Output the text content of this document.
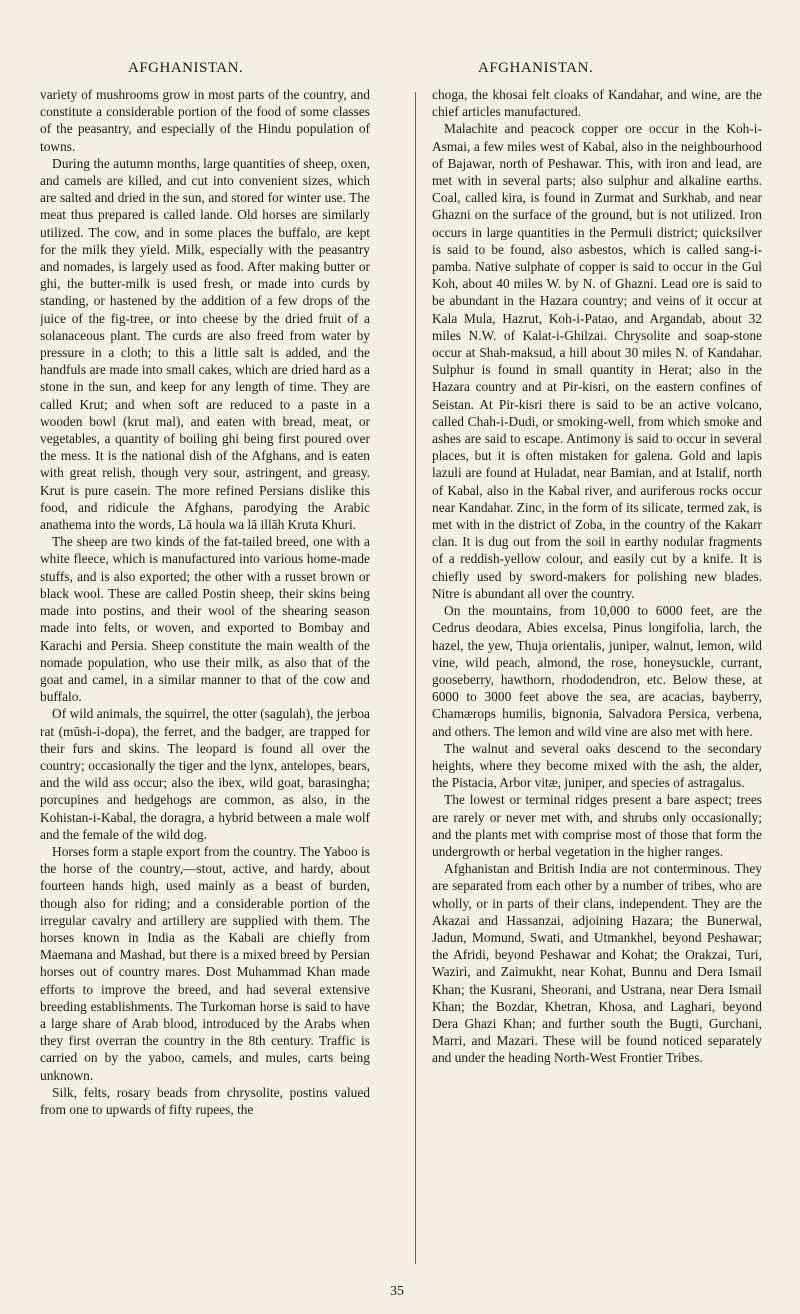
AFGHANISTAN.	AFGHANISTAN.

variety of mushrooms grow in most parts of the country, and constitute a considerable portion of the food of some classes of the peasantry, and especially of the Hindu population of towns.

During the autumn months, large quantities of sheep, oxen, and camels are killed, and cut into convenient sizes, which are salted and dried in the sun, and stored for winter use. The meat thus prepared is called lande. Old horses are similarly utilized. The cow, and in some places the buffalo, are kept for the milk they yield. Milk, especially with the peasantry and nomades, is largely used as food. After making butter or ghi, the butter-milk is used fresh, or made into curds by standing, or hastened by the addition of a few drops of the juice of the fig-tree, or into cheese by the dried fruit of a solanaceous plant. The curds are also freed from water by pressure in a cloth; to this a little salt is added, and the handfuls are made into small cakes, which are dried hard as a stone in the sun, and keep for any length of time. They are called Krut; and when soft are reduced to a paste in a wooden bowl (krut mal), and eaten with bread, meat, or vegetables, a quantity of boiling ghi being first poured over the mess. It is the national dish of the Afghans, and is eaten with great relish, though very sour, astringent, and greasy. Krut is pure casein. The more refined Persians dislike this food, and ridicule the Afghans, parodying the Arabic anathema into the words, Lā houla wa lā illāh Kruta Khuri.

The sheep are two kinds of the fat-tailed breed, one with a white fleece, which is manufactured into various home-made stuffs, and is also exported; the other with a russet brown or black wool. These are called Postin sheep, their skins being made into postins, and their wool of the shearing season made into felts, or woven, and exported to Bombay and Karachi and Persia. Sheep constitute the main wealth of the nomade population, who use their milk, as also that of the goat and camel, in a similar manner to that of the cow and buffalo.

Of wild animals, the squirrel, the otter (sagulah), the jerboa rat (mūsh-i-dopa), the ferret, and the badger, are trapped for their furs and skins. The leopard is found all over the country; occasionally the tiger and the lynx, antelopes, bears, and the wild ass occur; also the ibex, wild goat, barasingha; porcupines and hedgehogs are common, as also, in the Kohistan-i-Kabal, the doragra, a hybrid between a male wolf and the female of the wild dog.

Horses form a staple export from the country. The Yaboo is the horse of the country,—stout, active, and hardy, about fourteen hands high, used mainly as a beast of burden, though also for riding; and a considerable portion of the irregular cavalry and artillery are supplied with them. The horses known in India as the Kabali are chiefly from Maemana and Mashad, but there is a mixed breed by Persian horses out of country mares. Dost Muhammad Khan made efforts to improve the breed, and had several extensive breeding establishments. The Turkoman horse is said to have a large share of Arab blood, introduced by the Arabs when they first overran the country in the 8th century. Traffic is carried on by the yaboo, camels, and mules, carts being unknown.

Silk, felts, rosary beads from chrysolite, postins valued from one to upwards of fifty rupees, the

choga, the khosai felt cloaks of Kandahar, and wine, are the chief articles manufactured.

Malachite and peacock copper ore occur in the Koh-i-Asmai, a few miles west of Kabal, also in the neighbourhood of Bajawar, north of Peshawar. This, with iron and lead, are met with in several parts; also sulphur and alkaline earths. Coal, called kira, is found in Zurmat and Surkhab, and near Ghazni on the surface of the ground, but is not utilized. Iron occurs in large quantities in the Permuli district; quicksilver is said to be found, also asbestos, which is called sang-i-pamba. Native sulphate of copper is said to occur in the Gul Koh, about 40 miles W. by N. of Ghazni. Lead ore is said to be abundant in the Hazara country; and veins of it occur at Kala Mula, Hazrut, Koh-i-Patao, and Argandab, about 32 miles N.W. of Kalat-i-Ghilzai. Chrysolite and soap-stone occur at Shah-maksud, a hill about 30 miles N. of Kandahar. Sulphur is found in small quantity in Herat; also in the Hazara country and at Pir-kisri, on the eastern confines of Seistan. At Pir-kisri there is said to be an active volcano, called Chah-i-Dudi, or smoking-well, from which smoke and ashes are said to escape. Antimony is said to occur in several places, but it is often mistaken for galena. Gold and lapis lazuli are found at Huladat, near Bamian, and at Istalif, north of Kabal, also in the Kabal river, and auriferous rocks occur near Kandahar. Zinc, in the form of its silicate, termed zak, is met with in the district of Zoba, in the country of the Kakarr clan. It is dug out from the soil in earthy nodular fragments of a reddish-yellow colour, and easily cut by a knife. It is chiefly used by sword-makers for polishing new blades. Nitre is abundant all over the country.

On the mountains, from 10,000 to 6000 feet, are the Cedrus deodara, Abies excelsa, Pinus longifolia, larch, the hazel, the yew, Thuja orientalis, juniper, walnut, lemon, wild vine, wild peach, almond, the rose, honeysuckle, currant, gooseberry, hawthorn, rhododendron, etc. Below these, at 6000 to 3000 feet above the sea, are acacias, bayberry, Chamærops humilis, bignonia, Salvadora Persica, verbena, and others. The lemon and wild vine are also met with here.

The walnut and several oaks descend to the secondary heights, where they become mixed with the ash, the alder, the Pistacia, Arbor vitæ, juniper, and species of astragalus.

The lowest or terminal ridges present a bare aspect; trees are rarely or never met with, and shrubs only occasionally; and the plants met with comprise most of those that form the undergrowth or herbal vegetation in the higher ranges.

Afghanistan and British India are not conterminous. They are separated from each other by a number of tribes, who are wholly, or in parts of their clans, independent. They are the Akazai and Hassanzai, adjoining Hazara; the Bunerwal, Jadun, Momund, Swati, and Utmankhel, beyond Peshawar; the Afridi, beyond Peshawar and Kohat; the Orakzai, Turi, Waziri, and Zaimukht, near Kohat, Bunnu and Dera Ismail Khan; the Kusrani, Sheorani, and Ustrana, near Dera Ismail Khan; the Bozdar, Khetran, Khosa, and Laghari, beyond Dera Ghazi Khan; and further south the Bugti, Gurchani, Marri, and Mazari. These will be found noticed separately and under the heading North-West Frontier Tribes.

35
